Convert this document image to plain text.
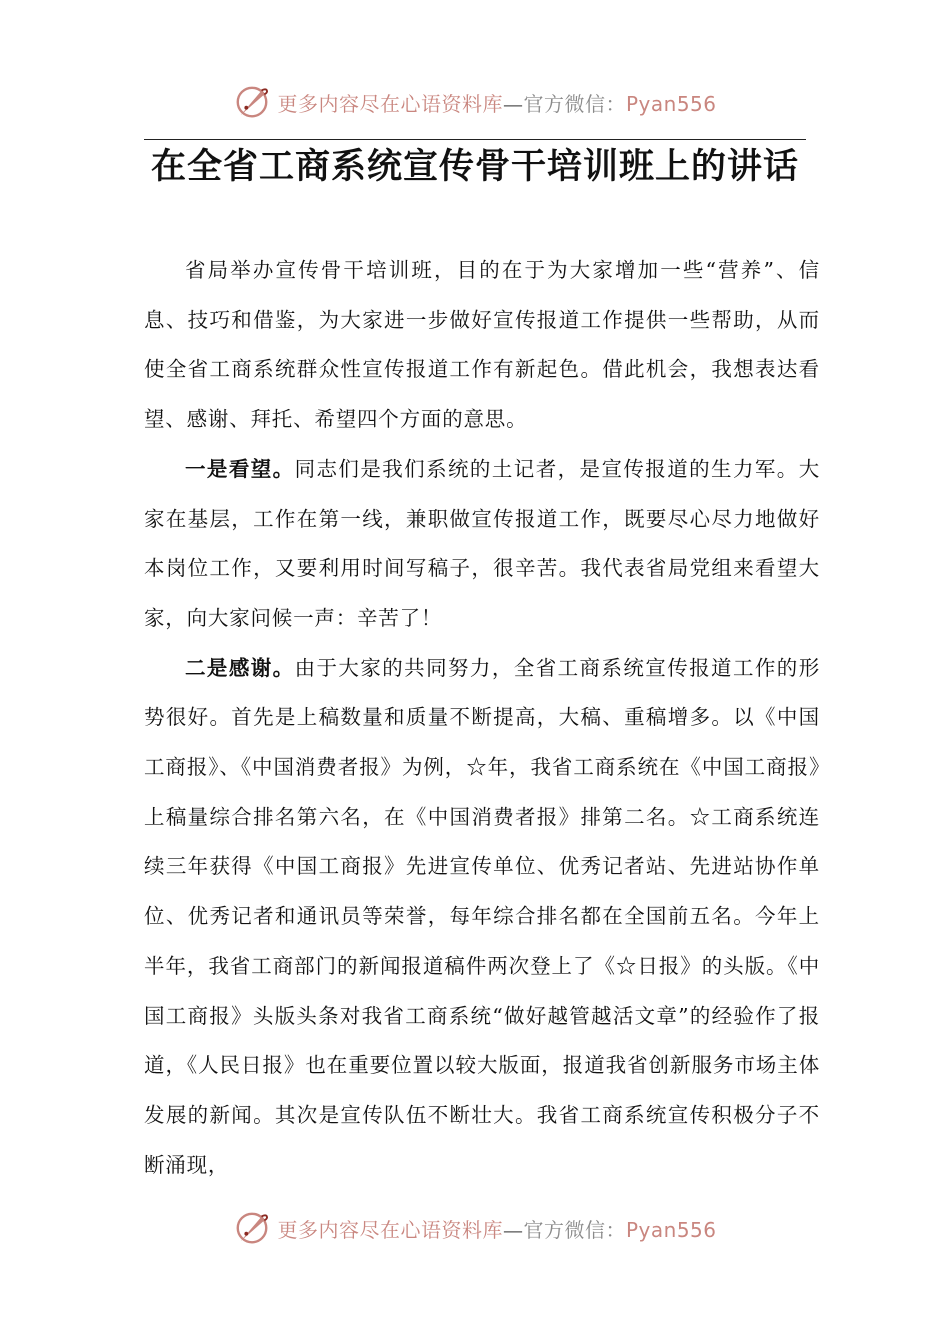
更多内容尽在心语资料库—官方微信：Pyan556
在全省工商系统宣传骨干培训班上的讲话

省局举办宣传骨干培训班，目的在于为大家增加一些“营养”、信息、技巧和借鉴，为大家进一步做好宣传报道工作提供一些帮助，从而使全省工商系统群众性宣传报道工作有新起色。借此机会，我想表达看望、感谢、拜托、希望四个方面的意思。

一是看望。同志们是我们系统的土记者，是宣传报道的生力军。大家在基层，工作在第一线，兼职做宣传报道工作，既要尽心尽力地做好本岗位工作，又要利用时间写稿子，很辛苦。我代表省局党组来看望大家，向大家问候一声：辛苦了！

二是感谢。由于大家的共同努力，全省工商系统宣传报道工作的形势很好。首先是上稿数量和质量不断提高，大稿、重稿增多。以《中国工商报》、《中国消费者报》为例，☆年，我省工商系统在《中国工商报》上稿量综合排名第六名，在《中国消费者报》排第二名。☆工商系统连续三年获得《中国工商报》先进宣传单位、优秀记者站、先进站协作单位、优秀记者和通讯员等荣誉，每年综合排名都在全国前五名。今年上半年，我省工商部门的新闻报道稿件两次登上了《☆日报》的头版。《中国工商报》头版头条对我省工商系统“做好越管越活文章”的经验作了报道，《人民日报》也在重要位置以较大版面，报道我省创新服务市场主体发展的新闻。其次是宣传队伍不断壮大。我省工商系统宣传积极分子不断涌现，

更多内容尽在心语资料库—官方微信：Pyan556
